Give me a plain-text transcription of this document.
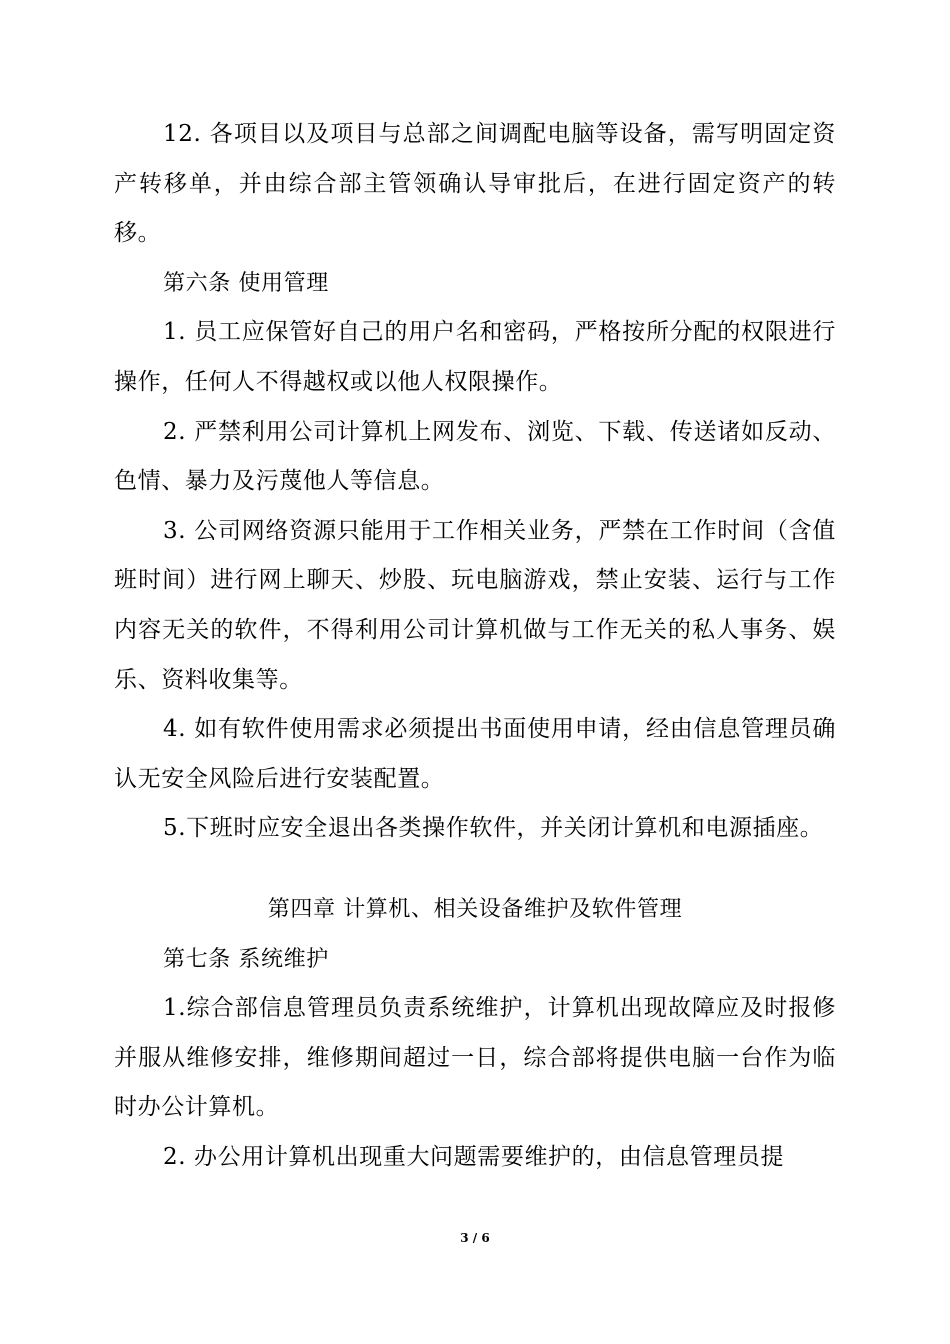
12. 各项目以及项目与总部之间调配电脑等设备，需写明固定资产转移单，并由综合部主管领确认导审批后，在进行固定资产的转移。

第六条 使用管理

1. 员工应保管好自己的用户名和密码，严格按所分配的权限进行操作，任何人不得越权或以他人权限操作。

2. 严禁利用公司计算机上网发布、浏览、下载、传送诸如反动、色情、暴力及污蔑他人等信息。

3. 公司网络资源只能用于工作相关业务，严禁在工作时间（含值班时间）进行网上聊天、炒股、玩电脑游戏，禁止安装、运行与工作内容无关的软件，不得利用公司计算机做与工作无关的私人事务、娱乐、资料收集等。

4. 如有软件使用需求必须提出书面使用申请，经由信息管理员确认无安全风险后进行安装配置。

5.下班时应安全退出各类操作软件，并关闭计算机和电源插座。

第四章 计算机、相关设备维护及软件管理

第七条 系统维护

1.综合部信息管理员负责系统维护，计算机出现故障应及时报修并服从维修安排，维修期间超过一日，综合部将提供电脑一台作为临时办公计算机。

2. 办公用计算机出现重大问题需要维护的，由信息管理员提

3 / 6
